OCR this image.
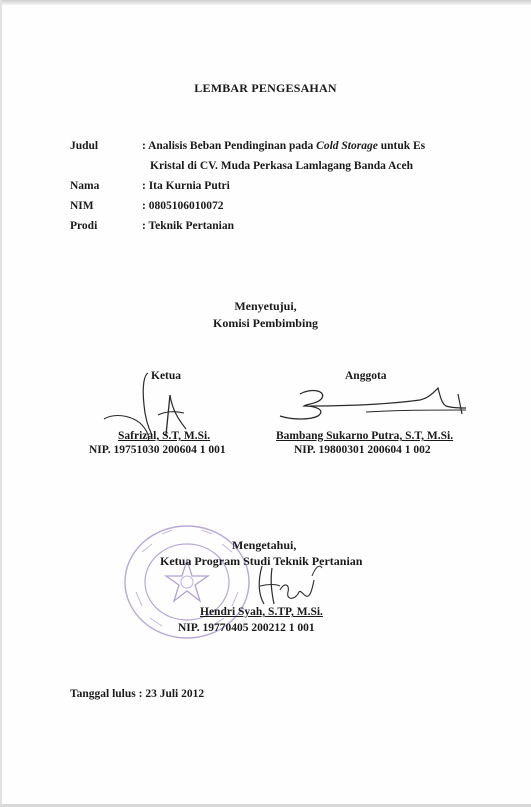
LEMBAR PENGESAHAN
Judul	: Analisis Beban Pendinginan pada Cold Storage untuk Es
Kristal di CV. Muda Perkasa Lamlagang Banda Aceh
Nama	: Ita Kurnia Putri
NIM	: 0805106010072
Prodi	: Teknik Pertanian
Menyetujui,
Komisi Pembimbing
Ketua
Safrizal, S.T, M.Si.
NIP. 19751030 200604 1 001
Anggota
Bambang Sukarno Putra, S.T, M.Si.
NIP. 19800301 200604 1 002
Mengetahui,
Ketua Program Studi Teknik Pertanian
Hendri Syah, S.TP, M.Si.
NIP. 19770405 200212 1 001
Tanggal lulus : 23 Juli 2012
